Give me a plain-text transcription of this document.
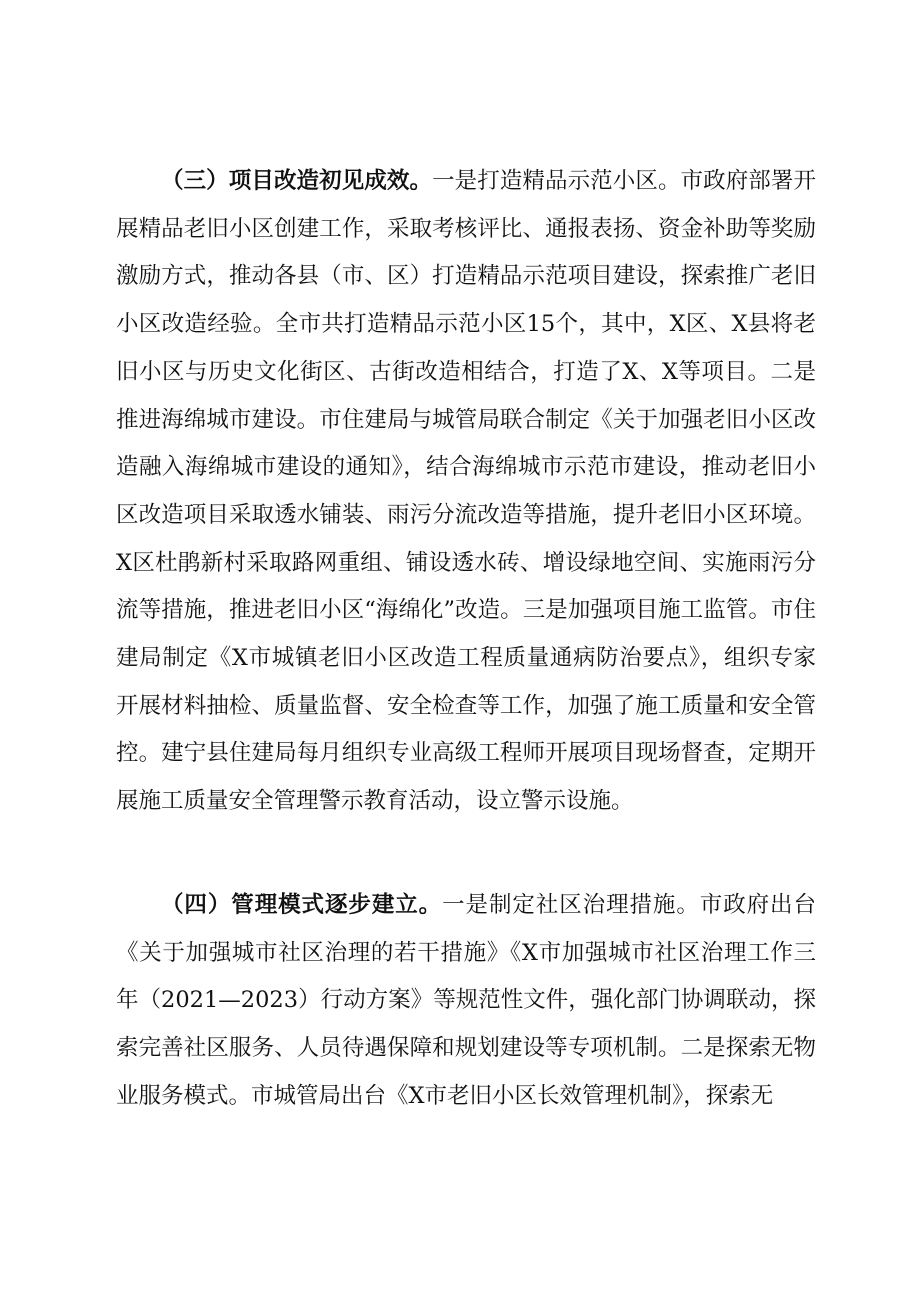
（三）项目改造初见成效。一是打造精品示范小区。市政府部署开展精品老旧小区创建工作，采取考核评比、通报表扬、资金补助等奖励激励方式，推动各县（市、区）打造精品示范项目建设，探索推广老旧小区改造经验。全市共打造精品示范小区15个，其中，X区、X县将老旧小区与历史文化街区、古街改造相结合，打造了X、X等项目。二是推进海绵城市建设。市住建局与城管局联合制定《关于加强老旧小区改造融入海绵城市建设的通知》，结合海绵城市示范市建设，推动老旧小区改造项目采取透水铺装、雨污分流改造等措施，提升老旧小区环境。X区杜鹃新村采取路网重组、铺设透水砖、增设绿地空间、实施雨污分流等措施，推进老旧小区“海绵化”改造。三是加强项目施工监管。市住建局制定《X市城镇老旧小区改造工程质量通病防治要点》，组织专家开展材料抽检、质量监督、安全检查等工作，加强了施工质量和安全管控。建宁县住建局每月组织专业高级工程师开展项目现场督查，定期开展施工质量安全管理警示教育活动，设立警示设施。

（四）管理模式逐步建立。一是制定社区治理措施。市政府出台《关于加强城市社区治理的若干措施》《X市加强城市社区治理工作三年（2021—2023）行动方案》等规范性文件，强化部门协调联动，探索完善社区服务、人员待遇保障和规划建设等专项机制。二是探索无物业服务模式。市城管局出台《X市老旧小区长效管理机制》，探索无
